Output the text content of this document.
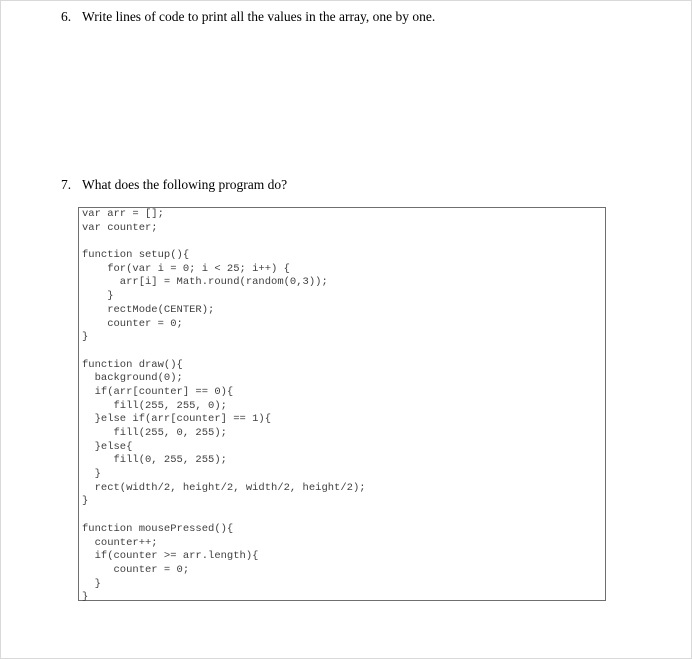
6. Write lines of code to print all the values in the array, one by one.
7. What does the following program do?
var arr = [];
var counter;
function setup(){
for(var i = 0; i < 25; i++) {
arr[i] = Math.round(random(0,3));
}
rectMode(CENTER);
counter = 0;
}
function draw(){
background(0);
if(arr[counter] == 0){
fill(255, 255, 0);
}else if(arr[counter] == 1){
fill(255, 0, 255);
}else{
fill(0, 255, 255);
}
rect(width/2, height/2, width/2, height/2);
}
function mousePressed(){
counter++;
if(counter >= arr.length){
counter = 0;
}
}
